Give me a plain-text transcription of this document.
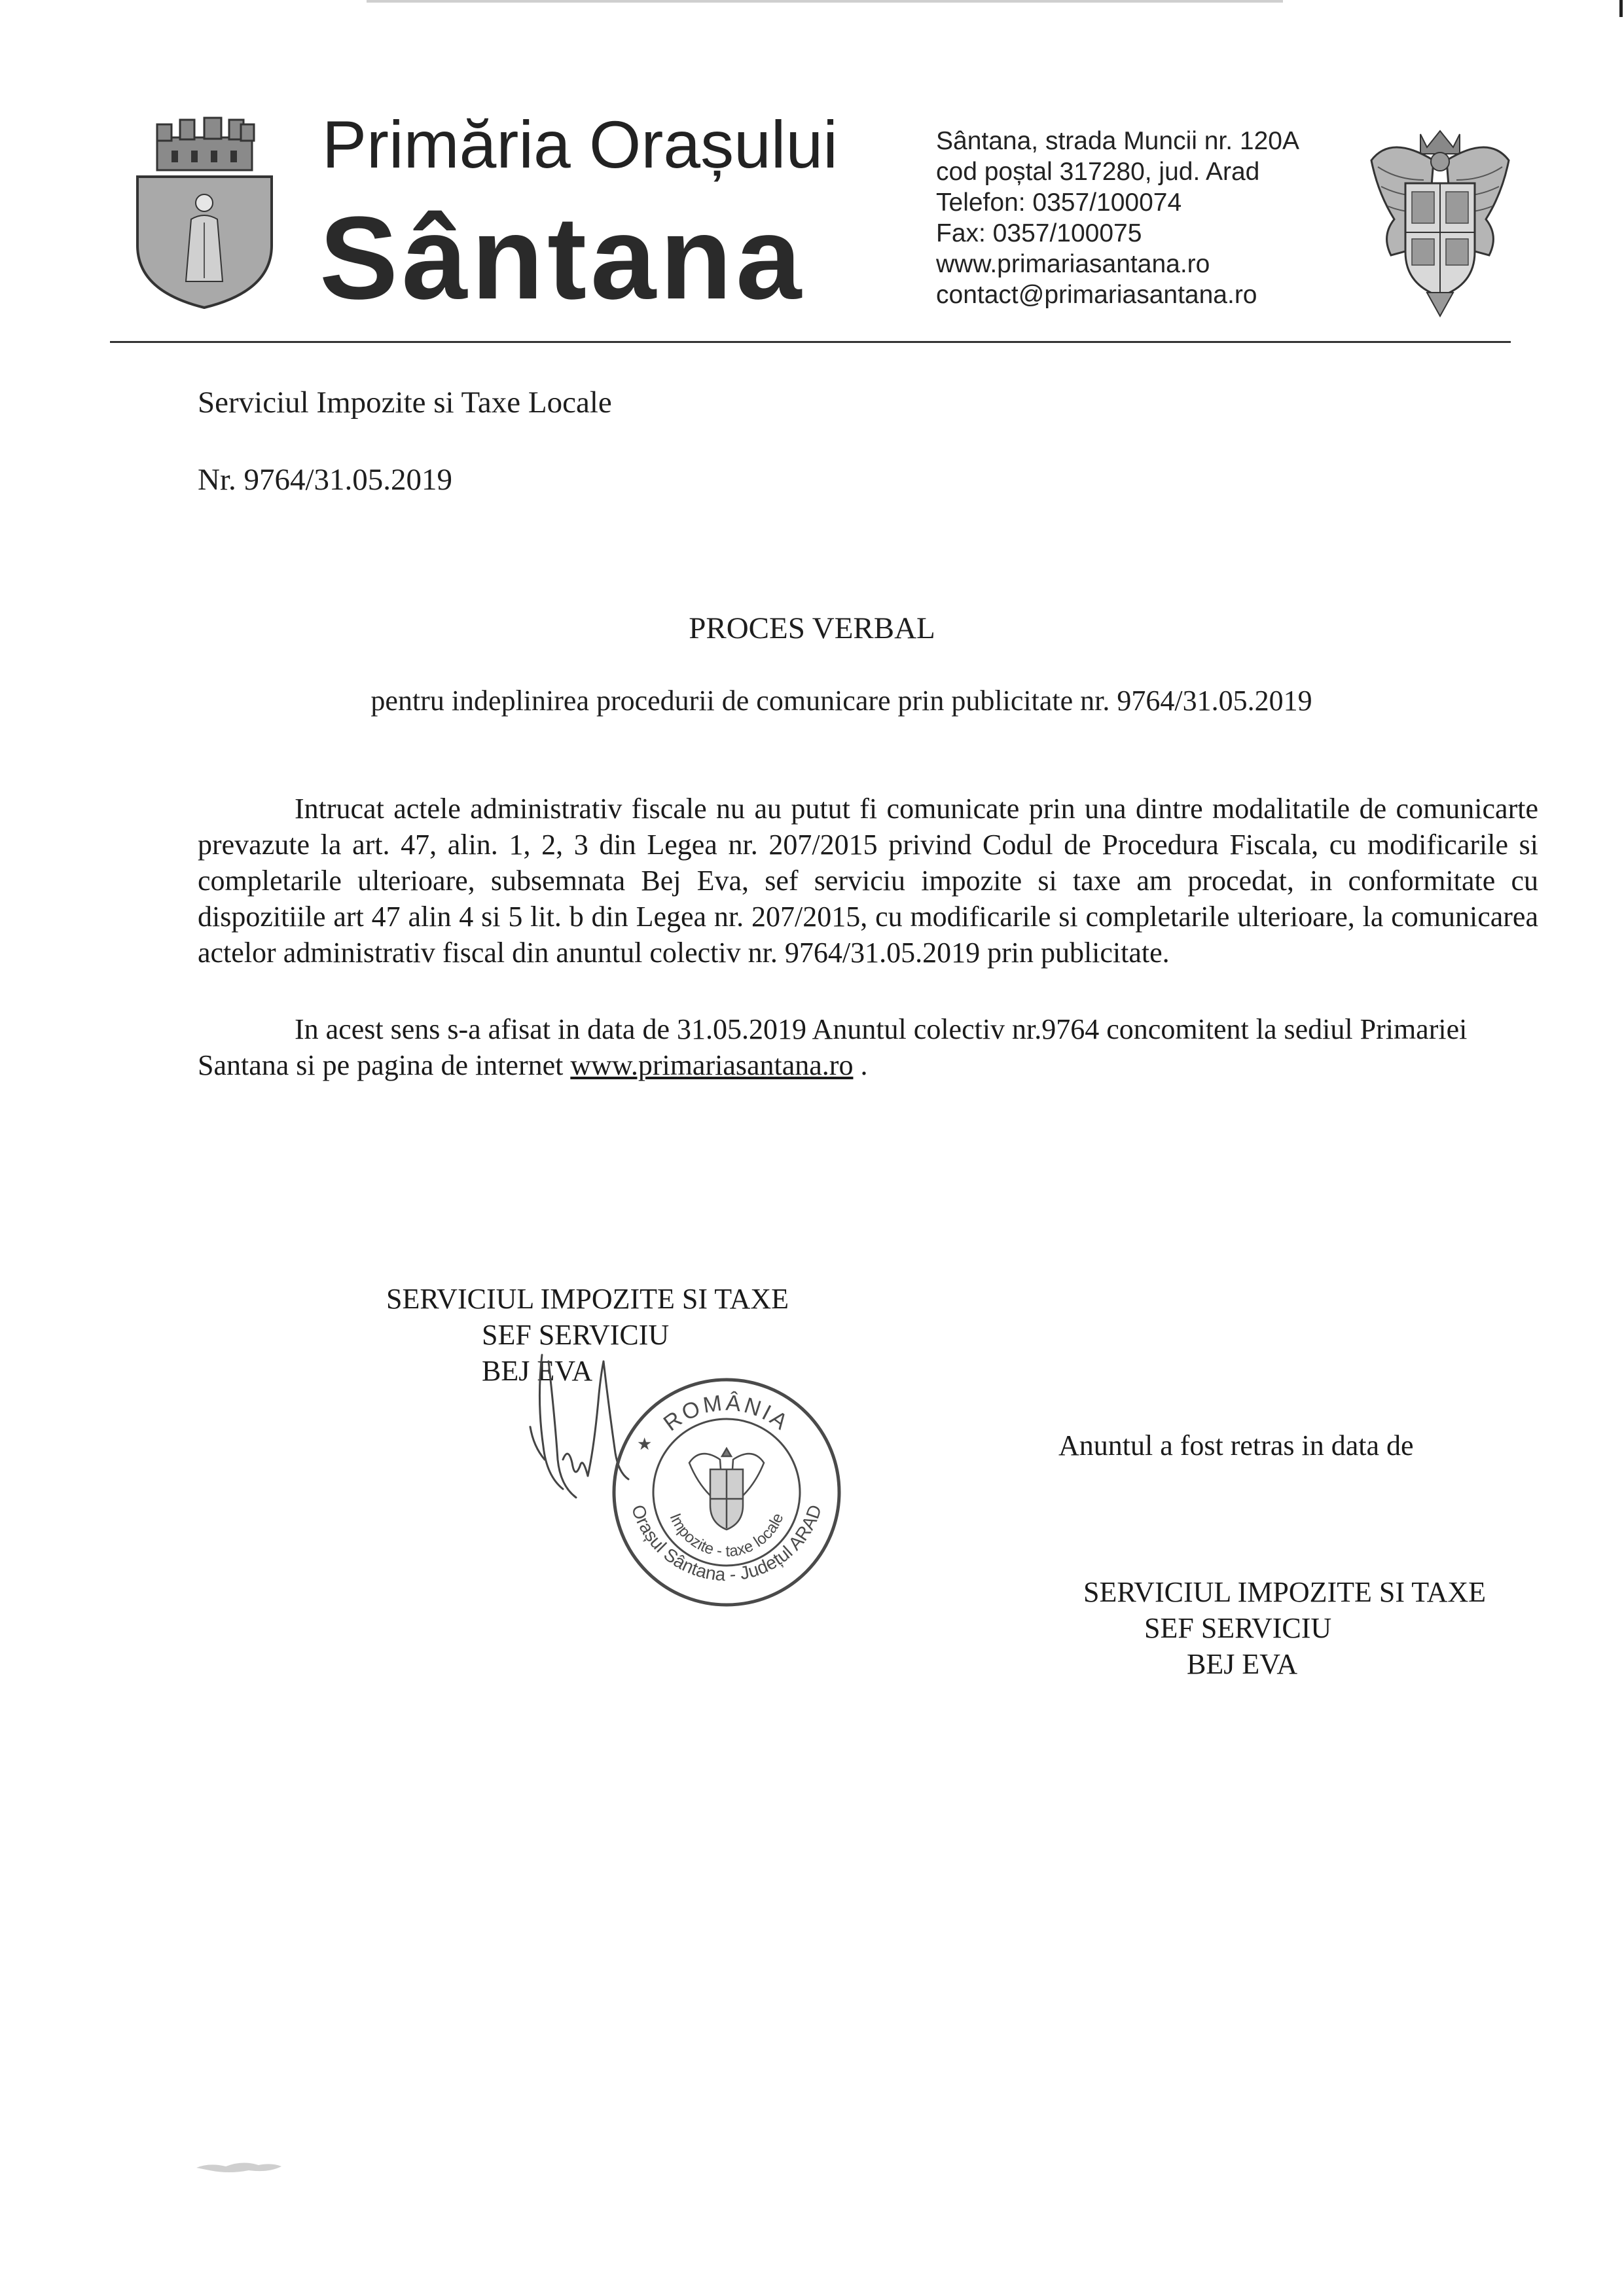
Primăria Orașului
Sântana
Sântana, strada Muncii nr. 120A
cod poștal 317280, jud. Arad
Telefon: 0357/100074
Fax: 0357/100075
www.primariasantana.ro
contact@primariasantana.ro
Serviciul Impozite si Taxe Locale
Nr. 9764/31.05.2019
PROCES VERBAL
pentru indeplinirea procedurii de comunicare prin publicitate nr. 9764/31.05.2019
Intrucat actele administrativ fiscale nu au putut fi comunicate prin una dintre modalitatile de comunicarte prevazute la art. 47, alin. 1, 2, 3 din Legea nr. 207/2015 privind Codul de Procedura Fiscala, cu modificarile si completarile ulterioare, subsemnata Bej Eva, sef serviciu impozite si taxe am procedat, in conformitate cu dispozitiile art 47 alin 4 si 5 lit. b din Legea nr. 207/2015, cu modificarile si completarile ulterioare, la comunicarea actelor administrativ fiscal din anuntul colectiv nr. 9764/31.05.2019 prin publicitate.
In acest sens s-a afisat in data de 31.05.2019 Anuntul colectiv nr.9764 concomitent la sediul Primariei Santana si pe pagina de internet www.primariasantana.ro .
SERVICIUL IMPOZITE SI TAXE
SEF SERVICIU
BEJ EVA
ROMÂNIA
Orașul Sântana - Județul ARAD
Impozite - taxe locale
★	Anuntul a fost retras in data de
SERVICIUL IMPOZITE SI TAXE
SEF SERVICIU
BEJ EVA
